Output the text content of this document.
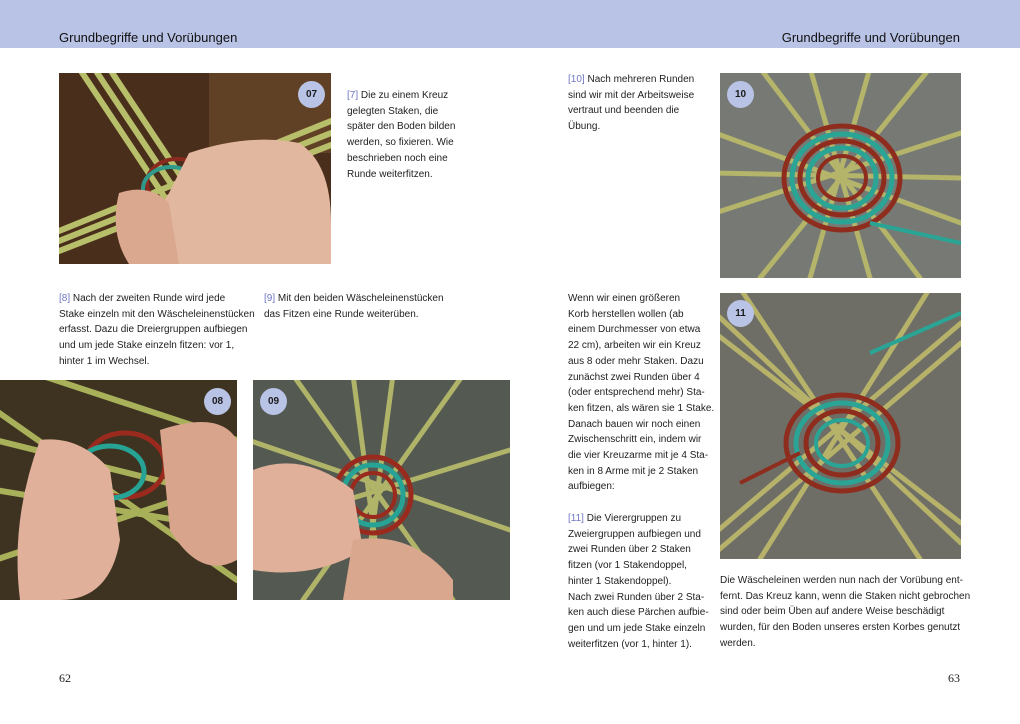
Grundbegriffe und Vorübungen	Grundbegriffe und Vorübungen
07	[7] Die zu einem Kreuz
gelegten Staken, die
später den Boden bilden
werden, so fixieren. Wie
beschrieben noch eine
Runde weiterfitzen.
[8] Nach der zweiten Runde wird jede
Stake einzeln mit den Wäscheleinenstücken
erfasst. Dazu die Dreiergruppen aufbiegen
und um jede Stake einzeln fitzen: vor 1,
hinter 1 im Wechsel.
[9] Mit den beiden Wäscheleinenstücken
das Fitzen eine Runde weiterüben.
08	09
[10] Nach mehreren Runden
sind wir mit der Arbeitsweise
vertraut und beenden die
Übung.
Wenn wir einen größeren
Korb herstellen wollen (ab
einem Durchmesser von etwa
22 cm), arbeiten wir ein Kreuz
aus 8 oder mehr Staken. Dazu
zunächst zwei Runden über 4
(oder entsprechend mehr) Sta-
ken fitzen, als wären sie 1 Stake.
Danach bauen wir noch einen
Zwischenschritt ein, indem wir
die vier Kreuzarme mit je 4 Sta-
ken in 8 Arme mit je 2 Staken
aufbiegen:
[11] Die Vierergruppen zu
Zweiergruppen aufbiegen und
zwei Runden über 2 Staken
fitzen (vor 1 Stakendoppel,
hinter 1 Stakendoppel).
Nach zwei Runden über 2 Sta-
ken auch diese Pärchen aufbie-
gen und um jede Stake einzeln
weiterfitzen (vor 1, hinter 1).
10
11
Die Wäscheleinen werden nun nach der Vorübung ent-
fernt. Das Kreuz kann, wenn die Staken nicht gebrochen
sind oder beim Üben auf andere Weise beschädigt
wurden, für den Boden unseres ersten Korbes genutzt
werden.
62	63
